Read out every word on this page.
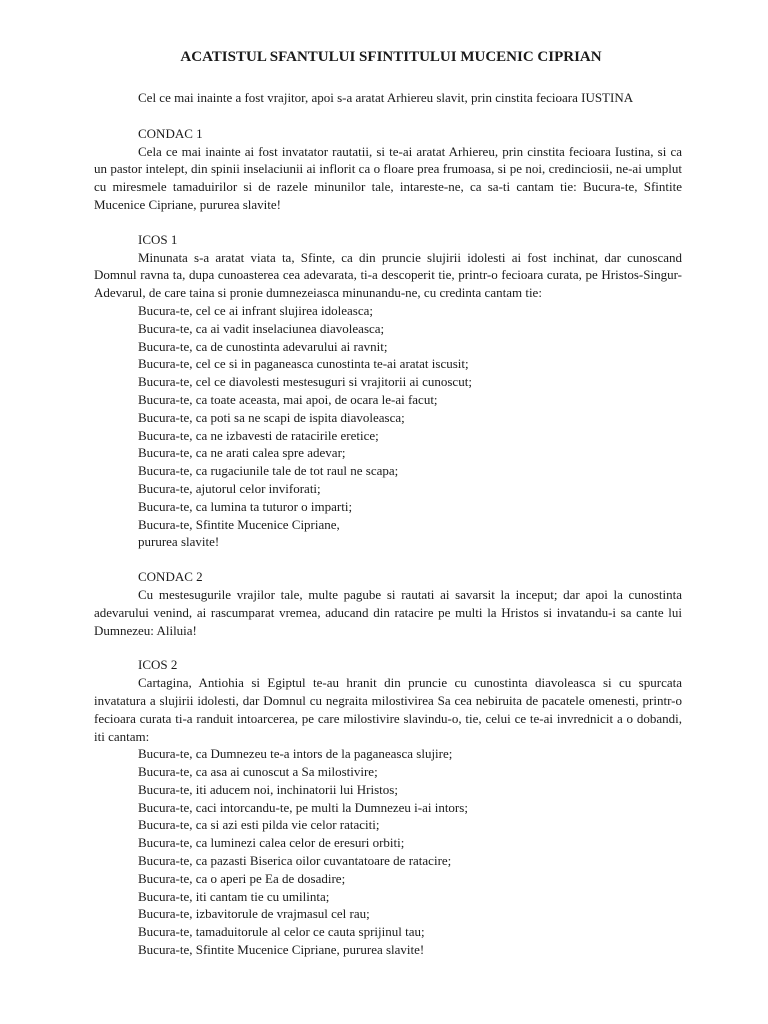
ACATISTUL SFANTULUI SFINTITULUI MUCENIC CIPRIAN

Cel ce mai inainte a fost vrajitor, apoi s-a aratat Arhiereu slavit, prin cinstita fecioara IUSTINA

CONDAC 1

Cela ce mai inainte ai fost invatator rautatii, si te-ai aratat Arhiereu, prin cinstita fecioara Iustina, si ca un pastor intelept, din spinii inselaciunii ai inflorit ca o floare prea frumoasa, si pe noi, credinciosii, ne-ai umplut cu miresmele tamaduirilor si de razele minunilor tale, intareste-ne, ca sa-ti cantam tie: Bucura-te, Sfintite Mucenice Cipriane, pururea slavite!

ICOS 1

Minunata s-a aratat viata ta, Sfinte, ca din pruncie slujirii idolesti ai fost inchinat, dar cunoscand Domnul ravna ta, dupa cunoasterea cea adevarata, ti-a descoperit tie, printr-o fecioara curata, pe Hristos-Singur-Adevarul, de care taina si pronie dumnezeiasca minunandu-ne, cu credinta cantam tie:

Bucura-te, cel ce ai infrant slujirea idoleasca;
Bucura-te, ca ai vadit inselaciunea diavoleasca;
Bucura-te, ca de cunostinta adevarului ai ravnit;
Bucura-te, cel ce si in paganeasca cunostinta te-ai aratat iscusit;
Bucura-te, cel ce diavolesti mestesuguri si vrajitorii ai cunoscut;
Bucura-te, ca toate aceasta, mai apoi, de ocara le-ai facut;
Bucura-te, ca poti sa ne scapi de ispita diavoleasca;
Bucura-te, ca ne izbavesti de ratacirile eretice;
Bucura-te, ca ne arati calea spre adevar;
Bucura-te, ca rugaciunile tale de tot raul ne scapa;
Bucura-te, ajutorul celor inviforati;
Bucura-te, ca lumina ta tuturor o imparti;
Bucura-te, Sfintite Mucenice Cipriane,
pururea slavite!
CONDAC 2

Cu mestesugurile vrajilor tale, multe pagube si rautati ai savarsit la inceput; dar apoi la cunostinta adevarului venind, ai rascumparat vremea, aducand din ratacire pe multi la Hristos si invatandu-i sa cante lui Dumnezeu: Aliluia!

ICOS 2

Cartagina, Antiohia si Egiptul te-au hranit din pruncie cu cunostinta diavoleasca si cu spurcata invatatura a slujirii idolesti, dar Domnul cu negraita milostivirea Sa cea nebiruita de pacatele omenesti, printr-o fecioara curata ti-a randuit intoarcerea, pe care milostivire slavindu-o, tie, celui ce te-ai invrednicit a o dobandi, iti cantam:

Bucura-te, ca Dumnezeu te-a intors de la paganeasca slujire;
Bucura-te, ca asa ai cunoscut a Sa milostivire;
Bucura-te, iti aducem noi, inchinatorii lui Hristos;
Bucura-te, caci intorcandu-te, pe multi la Dumnezeu i-ai intors;
Bucura-te, ca si azi esti pilda vie celor rataciti;
Bucura-te, ca luminezi calea celor de eresuri orbiti;
Bucura-te, ca pazasti Biserica oilor cuvantatoare de ratacire;
Bucura-te, ca o aperi pe Ea de dosadire;
Bucura-te, iti cantam tie cu umilinta;
Bucura-te, izbavitorule de vrajmasul cel rau;
Bucura-te, tamaduitorule al celor ce cauta sprijinul tau;
Bucura-te, Sfintite Mucenice Cipriane, pururea slavite!
